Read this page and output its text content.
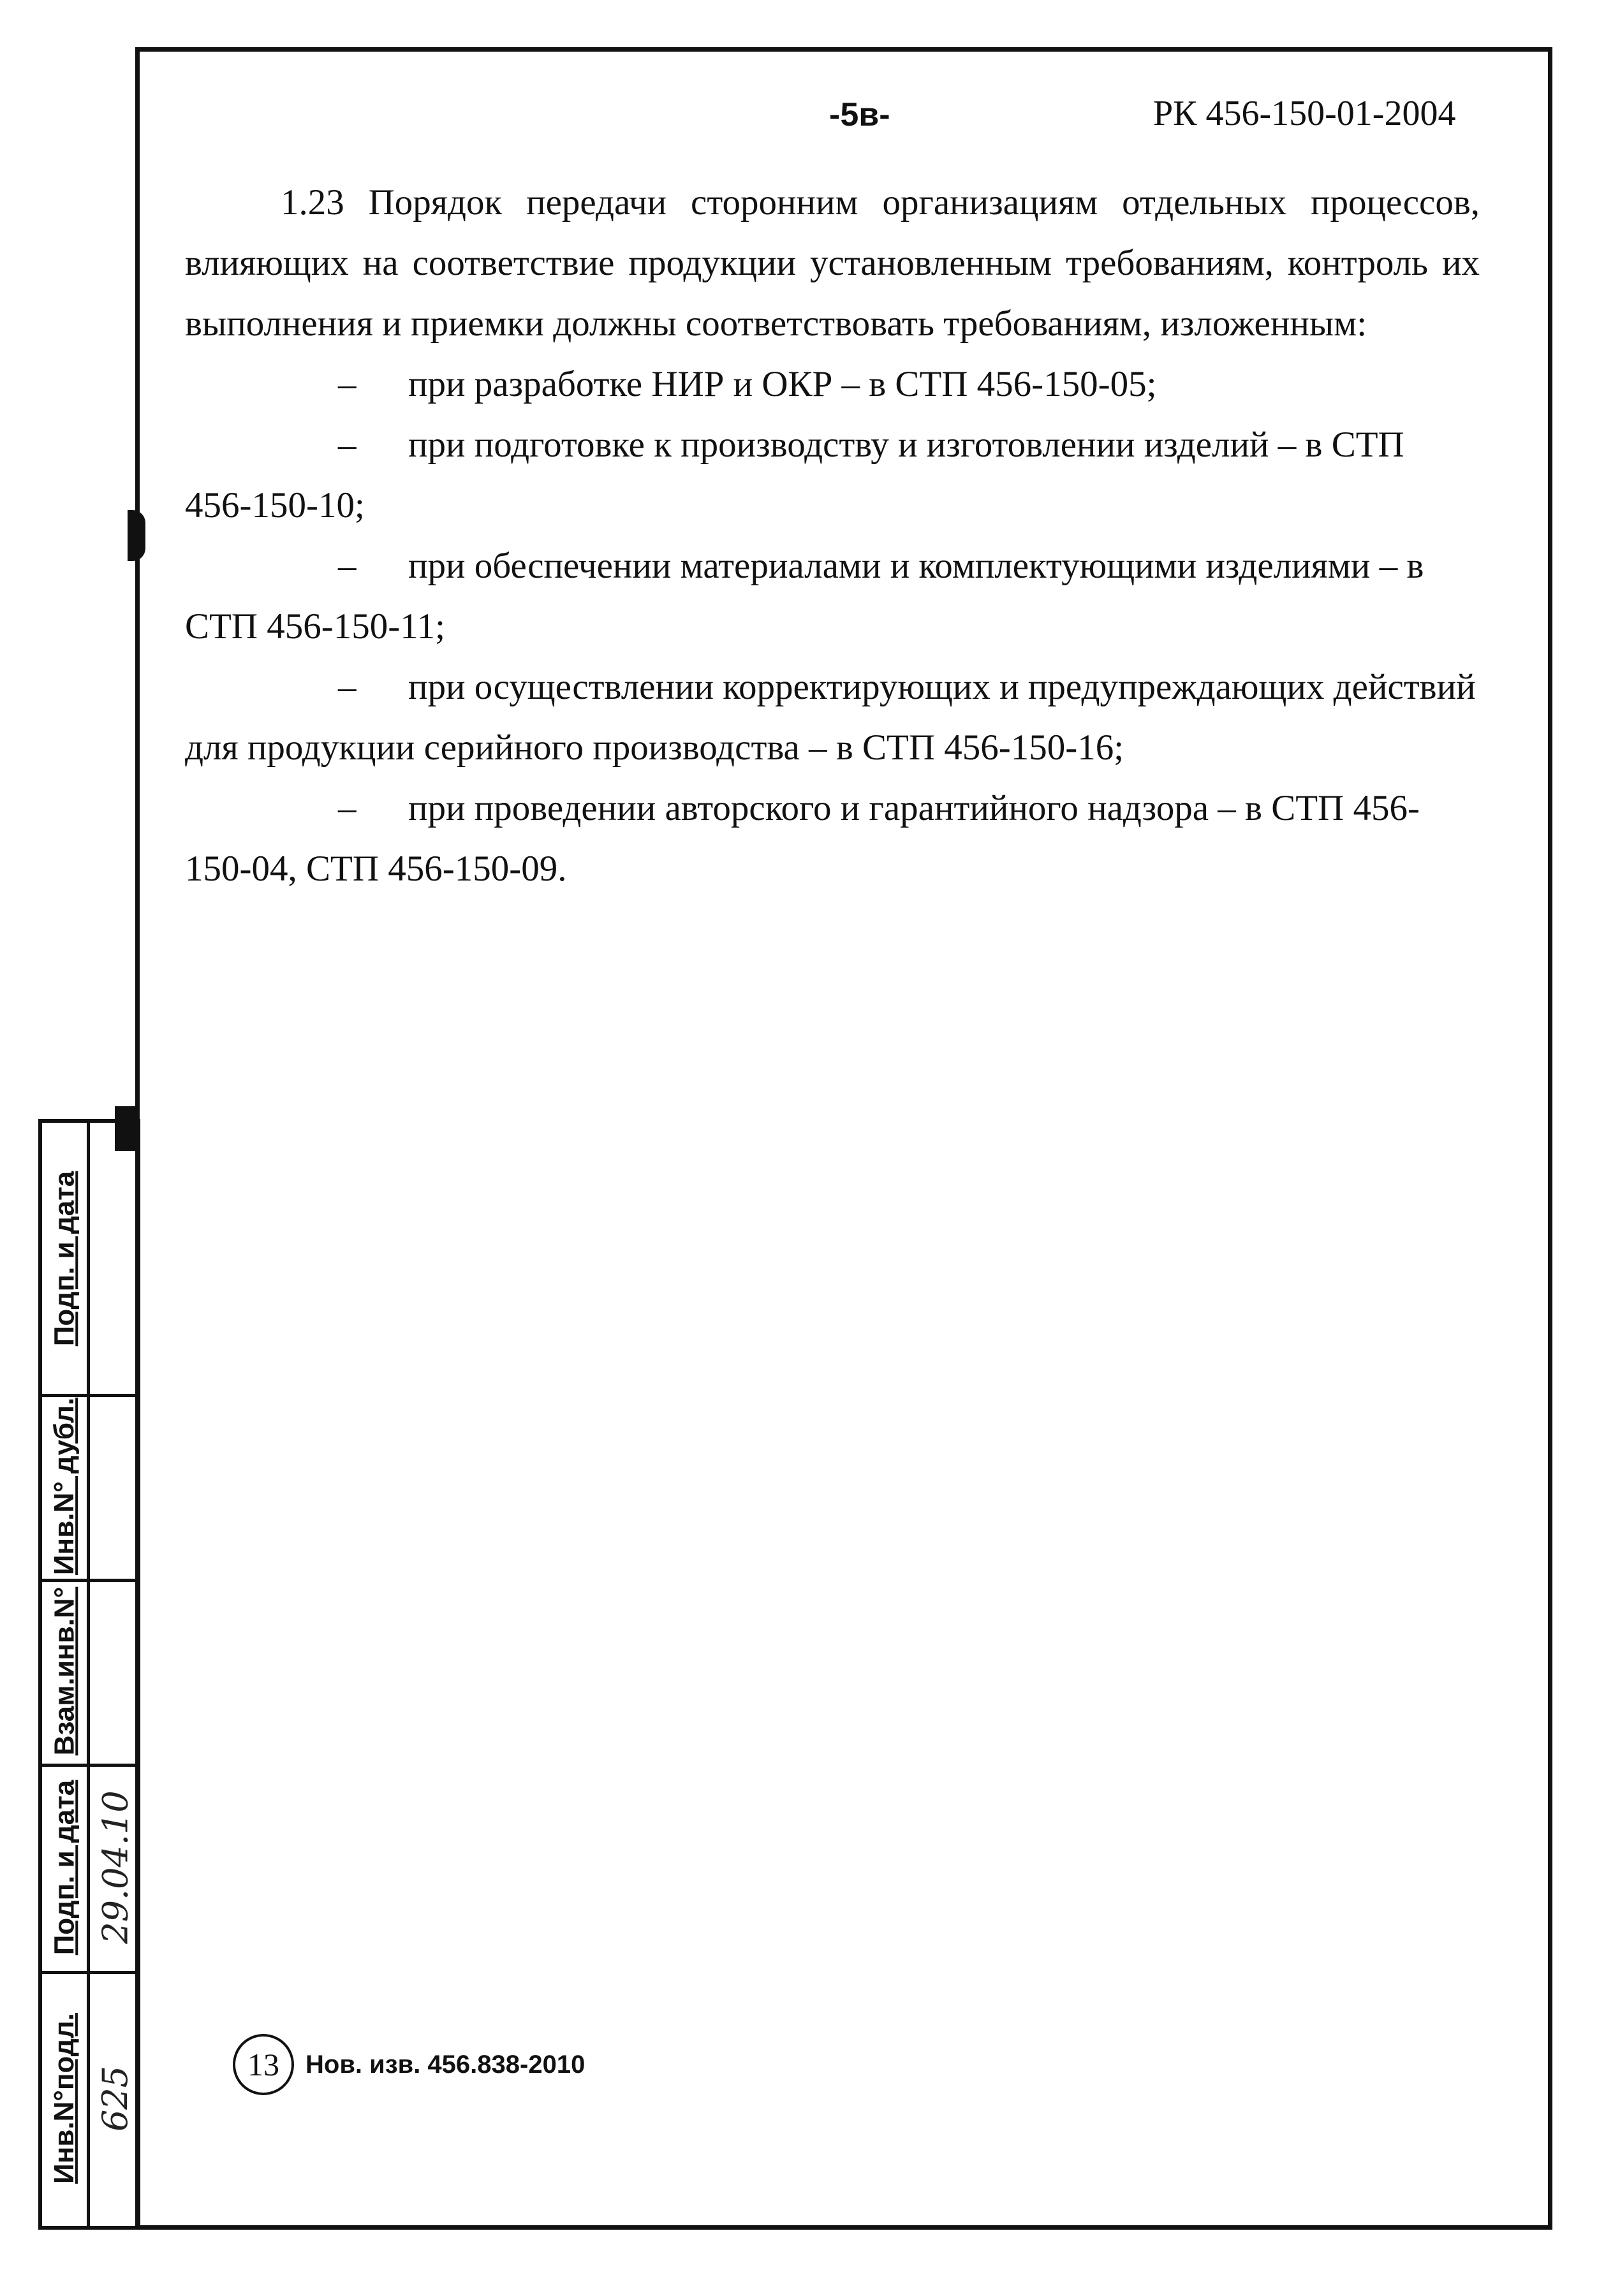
-5в-	РК 456-150-01-2004

1.23 Порядок передачи сторонним организациям отдельных процессов, влияющих на соответствие продукции установленным требованиям, контроль их выполнения и приемки должны соответствовать требованиям, изложенным:

– при разработке НИР и ОКР – в СТП 456-150-05;

– при подготовке к производству и изготовлении изделий – в СТП 456-150-10;

– при обеспечении материалами и комплектующими изделиями – в СТП 456-150-11;

– при осуществлении корректирующих и предупреждающих действий для продукции серийного производства – в СТП 456-150-16;

– при проведении авторского и гарантийного надзора – в СТП 456-150-04, СТП 456-150-09.

13	Нов. изв. 456.838-2010
Подп. и дата
Инв.N° дубл.
Взам.инв.N°
Подп. и дата
Инв.N°подл.
29.04.10
625
